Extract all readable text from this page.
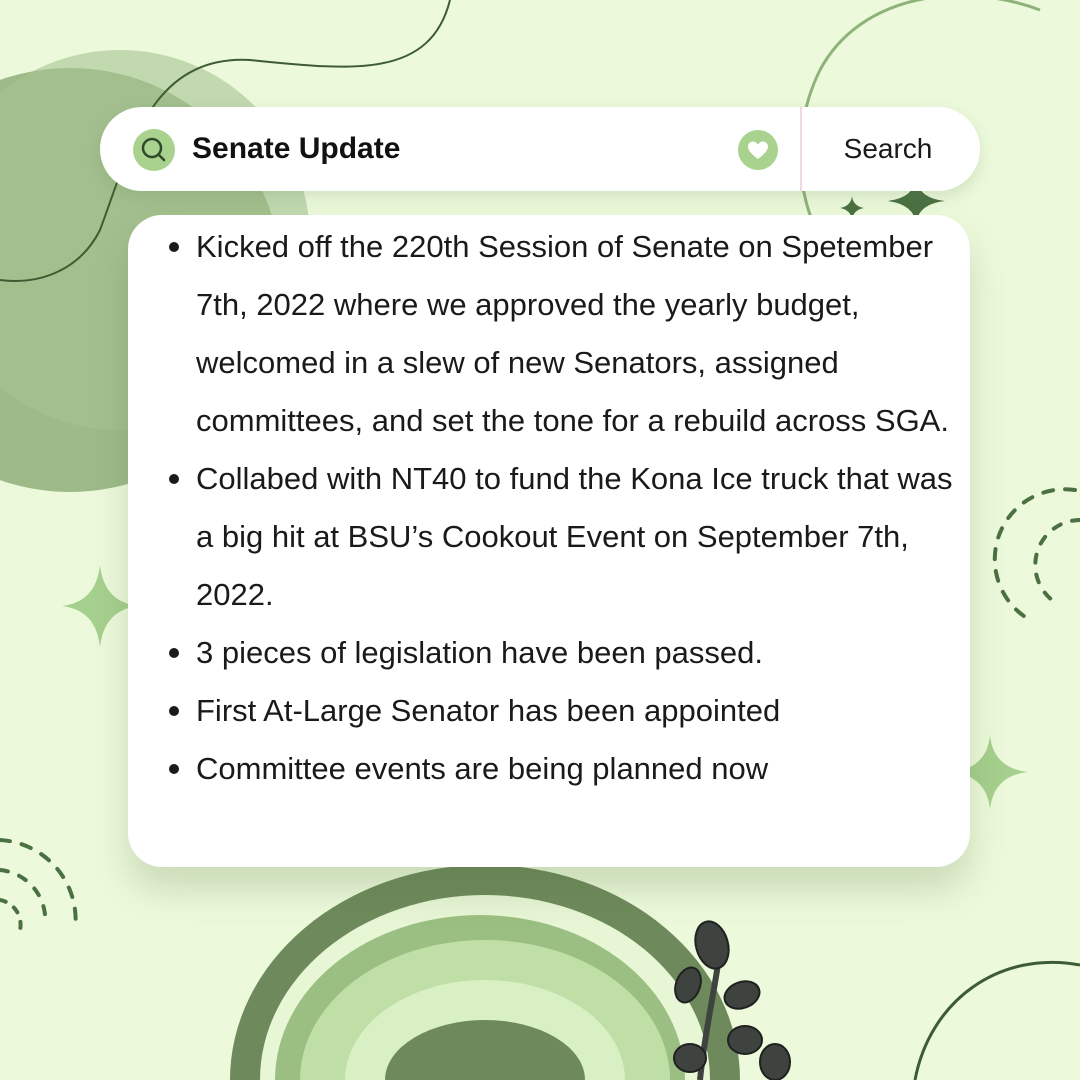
Senate Update	Search
Kicked off the 220th Session of Senate on Spetember 7th, 2022 where we approved the yearly budget, welcomed in a slew of new Senators, assigned committees, and set the tone for a rebuild across SGA.
Collabed with NT40 to fund the Kona Ice truck that was a big hit at BSU’s Cookout Event on September 7th, 2022.
3 pieces of legislation have been passed.
First At-Large Senator has been appointed
Committee events are being planned now
